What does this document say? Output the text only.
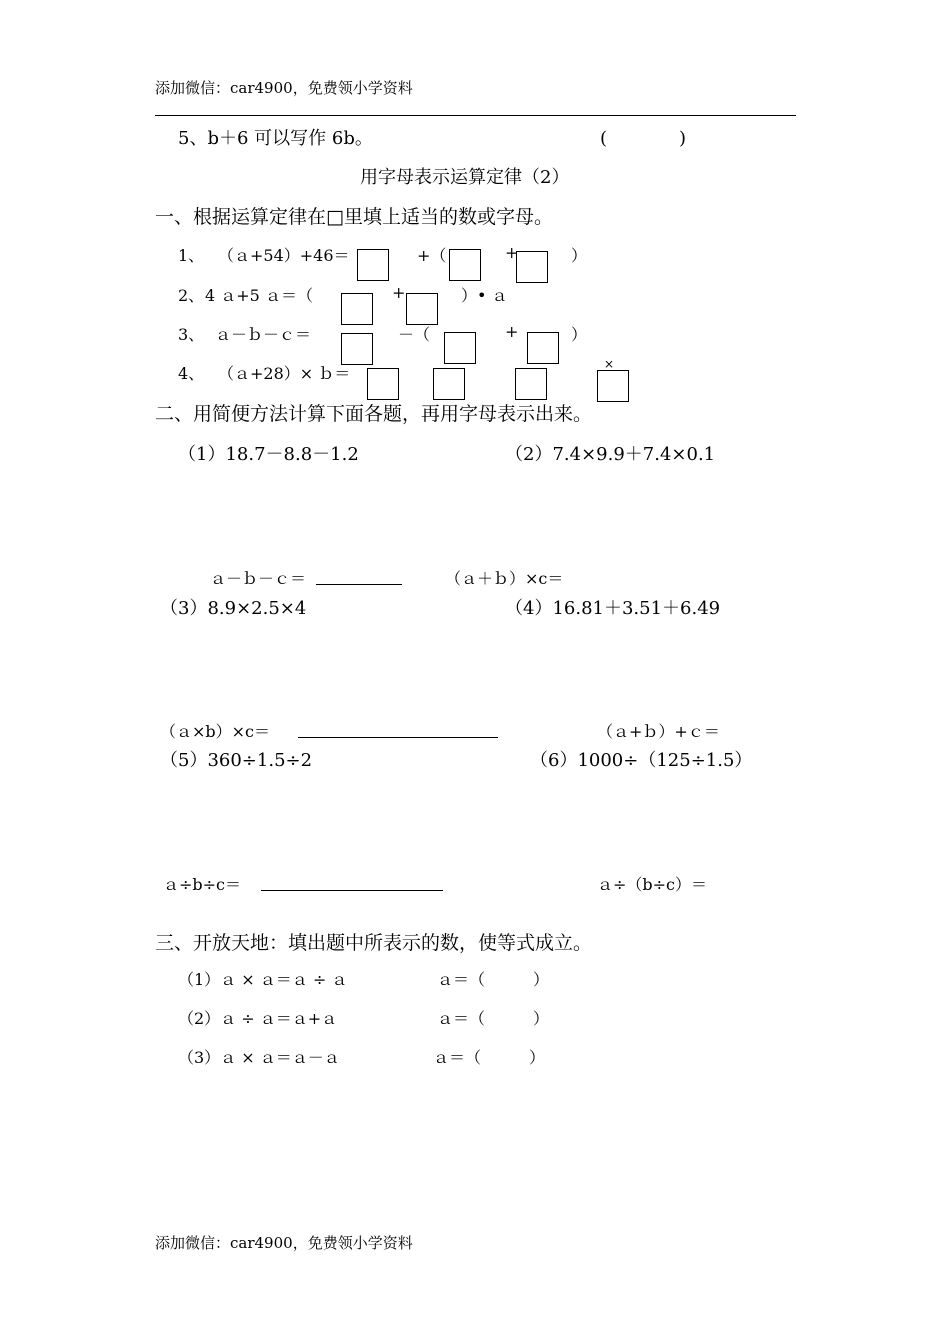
添加微信：car4900，免费领小学资料
5、b＋6 可以写作 6b。	(　　　　)
用字母表示运算定律（2）
一、根据运算定律在□里填上适当的数或字母。
1、 （ａ+54）+46＝	+（	+	）
2、 4 ａ+5 ａ＝（	+	）• ａ
3、 ａ－ｂ－ｃ＝	－（	+	）
4、 （ａ+28）× ｂ＝	×
二、用简便方法计算下面各题，再用字母表示出来。
（1）18.7－8.8－1.2	（2）7.4×9.9＋7.4×0.1
ａ－ｂ－ｃ＝	（ａ＋ｂ）×c＝
（3）8.9×2.5×4	（4）16.81＋3.51＋6.49
（ａ×b）×c＝	（ａ+ｂ）+ｃ＝
（5）360÷1.5÷2	（6）1000÷（125÷1.5）
ａ÷b÷c＝	ａ÷（b÷c）＝
三、开放天地：填出题中所表示的数，使等式成立。
（1）ａ × ａ＝ａ ÷ ａ	ａ＝（　　　）
（2）ａ ÷ ａ＝ａ+ａ	ａ＝（　　　）
（3）ａ × ａ＝ａ－ａ	ａ＝（　　　）
添加微信：car4900，免费领小学资料
